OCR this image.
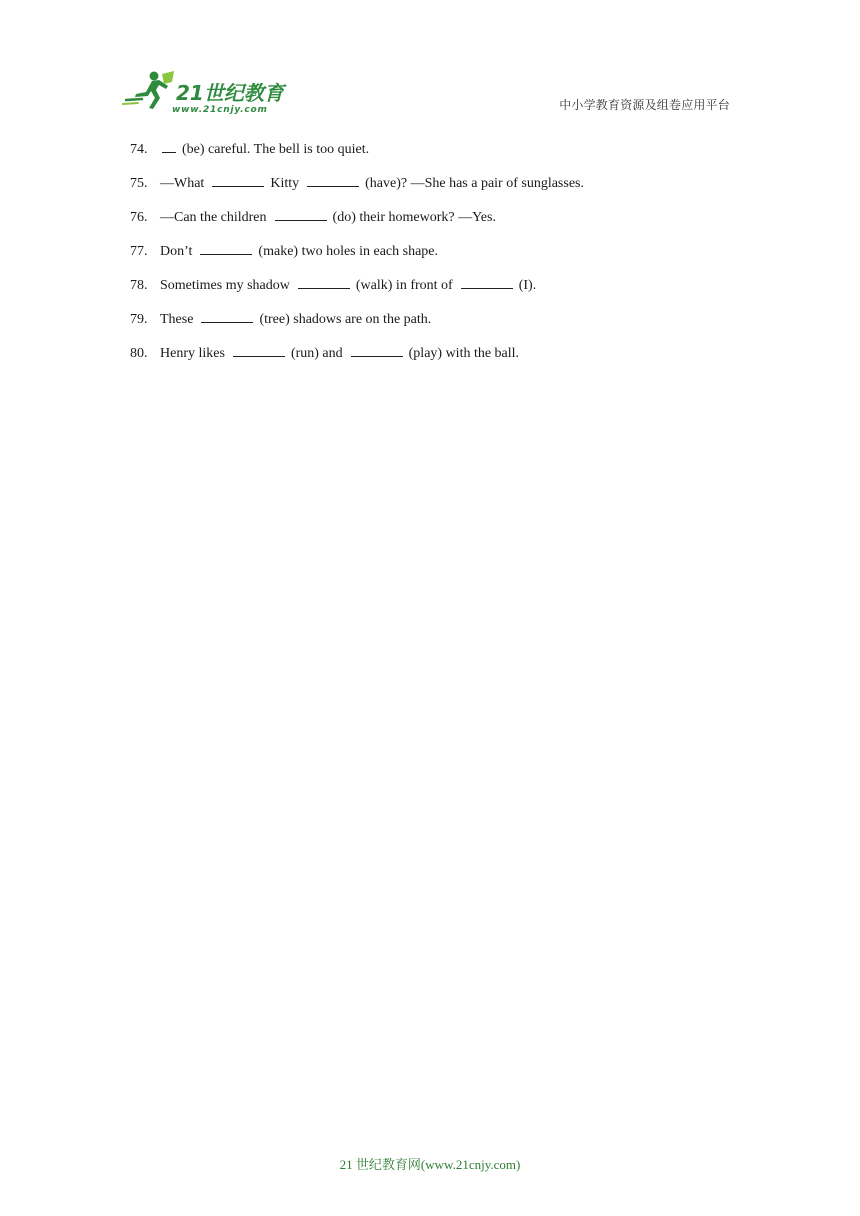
21世纪教育
www.21cnjy.com	中小学教育资源及组卷应用平台
74. (be) careful. The bell is too quiet.
75. —What	Kitty	(have)? —She has a pair of sunglasses.
76. —Can the children	(do) their homework? —Yes.
77. Don’t	(make) two holes in each shape.
78. Sometimes my shadow	(walk) in front of	(I).
79. These	(tree) shadows are on the path.
80. Henry likes	(run) and	(play) with the ball.
21 世纪教育网(www.21cnjy.com)
